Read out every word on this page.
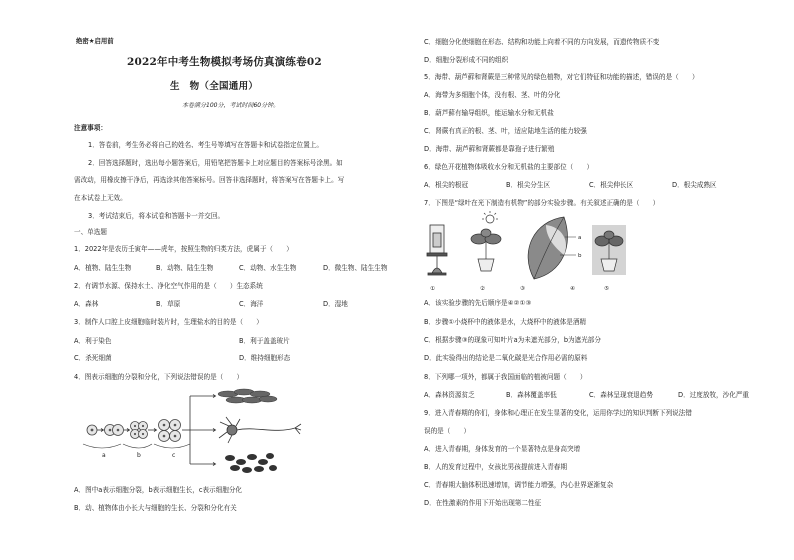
绝密★启用前
2022年中考生物模拟考场仿真演练卷02
生　物（全国通用）
本卷满分100分，考试时间60分钟。
注意事项：
1．答卷前，考生务必将自己的姓名、考生号等填写在答题卡和试卷指定位置上。
2．回答选择题时，选出每小题答案后，用铅笔把答题卡上对应题目的答案标号涂黑。如
需改动，用橡皮擦干净后，再选涂其他答案标号。回答非选择题时，将答案写在答题卡上。写
在本试卷上无效。
3．考试结束后，将本试卷和答题卡一并交回。
一、单选题
1．2022年是农历壬寅年——虎年，按照生物的归类方法，虎属于（　　）
A．植物、陆生生物	B．动物、陆生生物	C．动物、水生生物	D．微生物、陆生生物
2．有调节水源、保持水土、净化空气作用的是（　　）生态系统
A．森林	B．草原	C．海洋	D．湿地
3．制作人口腔上皮细胞临时装片时，生理盐水的目的是（　　）
A．利于染色	B．利于盖盖玻片
C．杀死细菌	D．维持细胞形态
4．图表示细胞的分裂和分化，下列说法错误的是（　　）
a	b	c
A．图中a表示细胞分裂，b表示细胞生长，c表示细胞分化
B．动、植物体由小长大与细胞的生长、分裂和分化有关
C．细胞分化使细胞在形态、结构和功能上向着不同的方向发展，而遗传物质不变
D．细胞分裂形成不同的组织
5．海带、葫芦藓和肾蕨是三种常见的绿色植物，对它们特征和功能的描述，错误的是（　　）
A．海带为多细胞个体，没有根、茎、叶的分化
B．葫芦藓有输导组织，能运输水分和无机盐
C．肾蕨有真正的根、茎、叶，适应陆地生活的能力较强
D．海带、葫芦藓和肾蕨都是靠孢子进行繁殖
6．绿色开花植物体吸收水分和无机盐的主要部位（　　）
A．根尖的根冠	B．根尖分生区	C．根尖伸长区	D．根尖成熟区
7．下图是“绿叶在光下制造有机物”的部分实验步骤。有关叙述正确的是（　　）
a
b
①	②	③	④	⑤
A．该实验步骤的先后顺序是④②①③
B．步骤①小烧杯中的液体是水，大烧杯中的液体是酒精
C．根据步骤③的现象可知叶片a为未遮光部分，b为遮光部分
D．此实验得出的结论是二氧化碳是光合作用必需的原料
8．下列哪一项外，都属于我国面临的植被问题（　　）
A．森林资源贫乏	B．森林覆盖率低	C．森林呈现衰退趋势	D．过度放牧，沙化严重
9．进入青春期的你们，身体和心理正在发生显著的变化，运用你学过的知识判断下列说法错
误的是（　　）
A．进入青春期，身体发育的一个显著特点是身高突增
B．人的发育过程中，女孩比男孩提前进入青春期
C．青春期大脑体积迅速增加，调节能力增强，内心世界逐渐复杂
D．在性激素的作用下开始出现第二性征
